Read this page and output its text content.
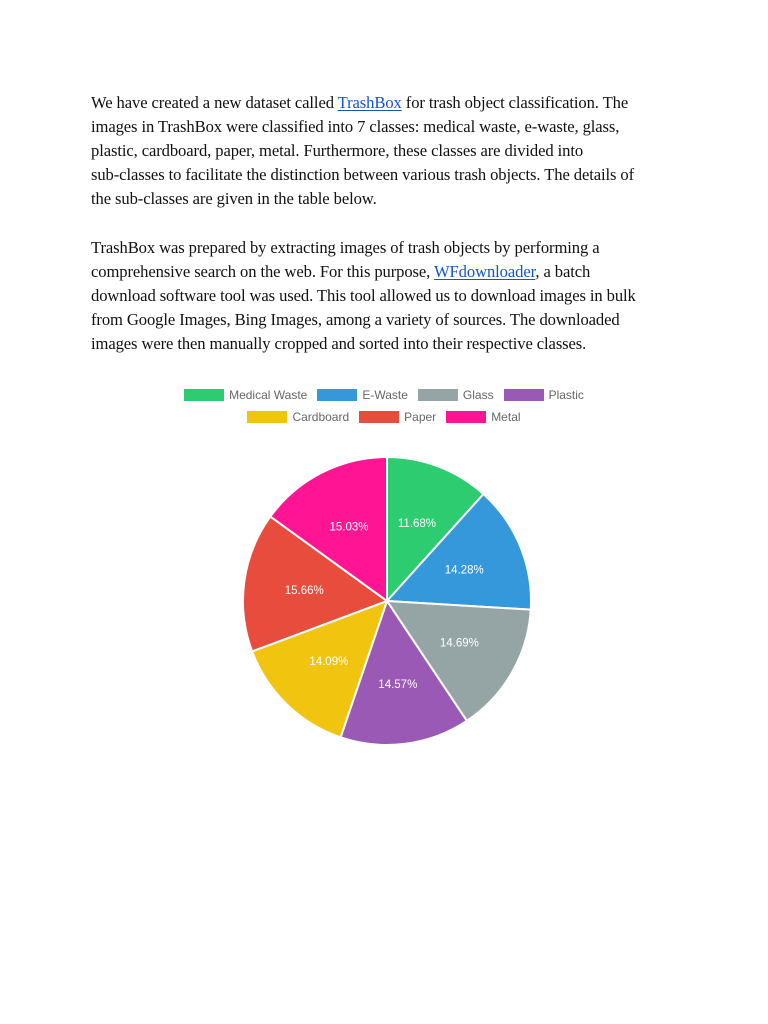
We have created a new dataset called TrashBox for trash object classification. The
images in TrashBox were classified into 7 classes: medical waste, e-waste, glass,
plastic, cardboard, paper, metal. Furthermore, these classes are divided into
sub-classes to facilitate the distinction between various trash objects. The details of
the sub-classes are given in the table below.

TrashBox was prepared by extracting images of trash objects by performing a
comprehensive search on the web. For this purpose, WFdownloader, a batch
download software tool was used. This tool allowed us to download images in bulk
from Google Images, Bing Images, among a variety of sources. The downloaded
images were then manually cropped and sorted into their respective classes.

Medical Waste	E-Waste	Glass	Plastic
Cardboard	Paper	Metal
11.68%
14.28%
14.69%
14.57%
14.09%
15.66%
15.03%
